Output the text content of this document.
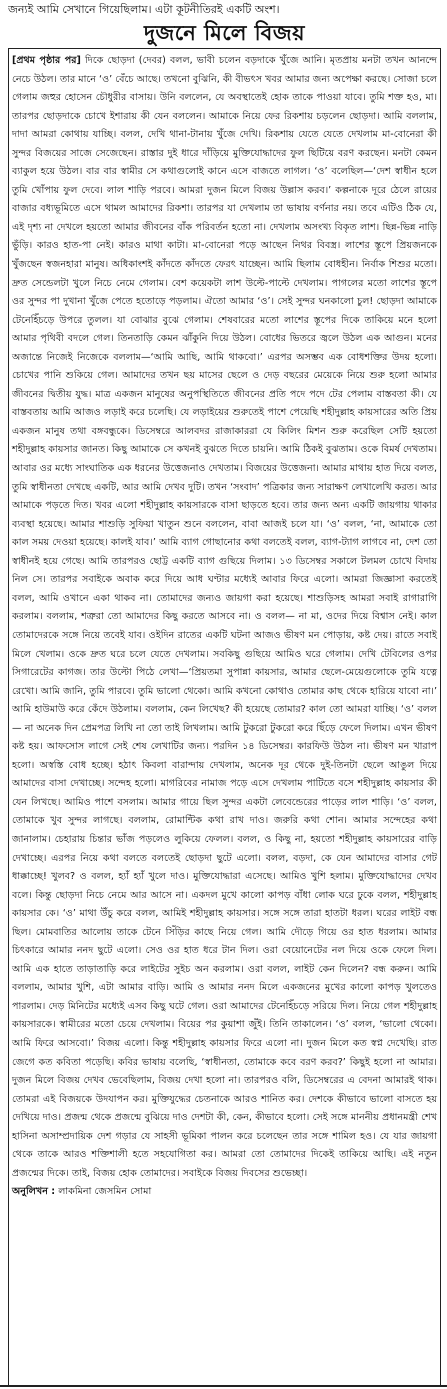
জন্যই আমি সেখানে গিয়েছিলাম। এটা কূটনীতিরই একটি অংশ।
দুজনে মিলে বিজয়

[প্রথম পৃষ্ঠার পর] দিকে ছোড়দা (দেবর) বলল, ভাবী চলেন বড়দাকে খুঁজে আনি। মৃতপ্রায় মনটা তখন আনন্দে নেচে উঠল। তার মানে ‘ও’ বেঁচে আছে। তখনো বুঝিনি, কী বীভৎস খবর আমার জন্য অপেক্ষা করছে। সোজা চলে গেলাম জহুর হোসেন চৌধুরীর বাসায়। উনি বললেন, যে অবস্থাতেই হোক তাকে পাওয়া যাবে। তুমি শক্ত হও, মা। তারপর ছোড়দাকে চোখে ইশারায় কী যেন বললেন। আমাকে নিয়ে ফের রিকশায় চড়লেন ছোড়দা। আমি বললাম, দাদা আমরা কোথায় যাচ্ছি। বলল, দেখি থানা-টানায় খুঁজে দেখি। রিকশায় যেতে যেতে দেখলাম মা-বোনেরা কী সুন্দর বিজয়ের সাজে সেজেছেন। রাস্তার দুই ধারে দাঁড়িয়ে মুক্তিযোদ্ধাদের ফুল ছিটিয়ে বরণ করছেন। মনটা কেমন ব্যাকুল হয়ে উঠল। বার বার স্বামীর সে কথাগুলোই কানে এসে বাজতে লাগল। ‘ও’ বলেছিল—‘দেশ স্বাধীন হলে তুমি খোঁপায় ফুল দেবে। লাল শাড়ি পরবে। আমরা দুজন মিলে বিজয় উল্লাস করব।’ কল্পনাকে দূরে ঠেলে রায়ের বাজার বধ্যভূমিতে এসে থামল আমাদের রিকশা। তারপর যা দেখলাম তা ভাষায় বর্ণনার নয়। তবে এটিও ঠিক যে, এই দৃশ্য না দেখলে হয়তো আমার জীবনের বাঁক পরিবর্তন হতো না। দেখলাম অসংখ্য বিকৃত লাশ। ছিন্ন-ভিন্ন নাড়ি ভুঁড়ি। কারও হাত-পা নেই। কারও মাথা কাটা। মা-বোনেরা পড়ে আছেন নিথর বিবস্ত্র। লাশের স্তূপে প্রিয়জনকে খুঁজছেন স্বজনহারা মানুষ। অধিকাংশই কাঁদতে কাঁদতে ফেরৎ যাচ্ছেন। আমি ছিলাম বোধহীন। নির্বাক শিশুর মতো। দ্রুত সেন্ডেলটা খুলে নিচে নেমে গেলাম। বেশ কয়েকটা লাশ উল্টে-পাল্টে দেখলাম। পাগলের মতো লাশের স্তূপে ওর সুন্দর পা দুখানা খুঁজে পেতে হতোড়ে পড়লাম। ঐতো আমার ‘ও’। সেই সুন্দর ঘনকালো চুল! ছোড়দা আমাকে টেনেহিঁচড়ে উপরে তুলল। যা বোঝার বুঝে গেলাম। শেষবারের মতো লাশের স্তূপের দিকে তাকিয়ে মনে হলো আমার পৃথিবী বদলে গেল। তিনতাড়ি কেমন ঝাঁকুনি দিয়ে উঠল। বোধের ভিতরে জ্বলে উঠল এক আগুন। মনের অজান্তে নিজেই নিজেকে বললাম—‘আমি আছি, আমি থাকবো।’ এরপর অসম্ভব এক বোধশক্তির উদয় হলো। চোখের পানি শুকিয়ে গেল। আমাদের তখন ছয় মাসের ছেলে ও দেড় বছরের মেয়েকে নিয়ে শুরু হলো আমার জীবনের দ্বিতীয় যুদ্ধ। মাত্র একজন মানুষের অনুপস্থিতিতে জীবনের প্রতি পদে পদে টের পেলাম বাস্তবতা কী। যে বাস্তবতায় আমি আজও লড়াই করে চলেছি। যে লড়াইয়ের শুরুতেই পাশে পেয়েছি শহীদুল্লাহ কায়সারের অতি প্রিয় একজন মানুষ তথা বঙ্গবন্ধুকে। ডিসেম্বরে আলবদর রাজাকাররা যে কিলিং মিশন শুরু করেছিল সেটি হয়তো শহীদুল্লাহ কায়সার জানত। কিছু আমাকে সে কখনই বুঝতে দিতে চায়নি। আমি ঠিকই বুঝতাম। ওকে বিমর্ষ দেখতাম। আবার ওর মধ্যে সাংঘাতিক এক ধরনের উত্তেজনাও দেখতাম। বিজয়ের উত্তেজনা। আমার মাথায় হাত দিয়ে বলত, তুমি স্বাধীনতা দেখছে একটি, আর আমি দেখব দুটি। তখন ‘সংবাদ’ পত্রিকার জন্য সারাক্ষণ লেখালেখি করত। আর আমাকে পড়তে দিত। খবর এলো শহীদুল্লাহ কায়সারকে বাসা ছাড়তে হবে। তার জন্য অন্য একটি জায়গায় থাকার ব্যবস্থা হয়েছে। আমার শাশুড়ি সুফিয়া খাতুন শুনে বললেন, বাবা আজই চলে যা। ‘ও’ বলল, ‘না, আমাকে তো কাল সময় দেওয়া হয়েছে। কালই যাব।’ আমি ব্যাগ গোছানোর কথা বলতেই বলল, ব্যাগ-ট্যাগ লাগবে না, দেশ তো স্বাধীনই হয়ে গেছে। আমি তারপরও ছোট্ট একটি ব্যাগ গুছিয়ে দিলাম। ১৩ ডিসেম্বর সকালে টলমল চোখে বিদায় নিল সে। তারপর সবাইকে অবাক করে দিয়ে আধ ঘণ্টার মধ্যেই আবার ফিরে এলো। আমরা জিজ্ঞাসা করতেই বলল, আমি ওখানে একা থাকব না। তোমাদের জন্যও জায়গা করা হয়েছে। শাশুড়িসহ আমরা সবাই রাগারাগি করলাম। বললাম, শত্রুরা তো আমাদের কিছু করতে আসবে না। ও বলল— না মা, ওদের দিয়ে বিশ্বাস নেই। কাল তোমাদেরকে সঙ্গে নিয়ে তবেই যাব। ওইদিন রাতের একটি ঘটনা আজও ভীষণ মন পোড়ায়, কষ্ট দেয়। রাতে সবাই মিলে খেলাম। ওকে দ্রুত ঘরে চলে যেতে দেখলাম। সবকিছু গুছিয়ে আমিও ঘরে গেলাম। দেখি টেবিলের ওপর সিগারেটের কাগজ। তার উল্টো পিঠে লেখা—‘প্রিয়তমা সুপান্না কায়সার, আমার ছেলে-মেয়েগুলোকে তুমি যত্নে রেখো। আমি জানি, তুমি পারবে। তুমি ভালো থেকো। আমি কখনো কোথাও তোমার কাছ থেকে হারিয়ে যাবো না।’ আমি হাউমাউ করে কেঁদে উঠলাম। বললাম, কেন লিখেছ? কী হয়েছে তোমার? কাল তো আমরা যাচ্ছি। ‘ও’ বলল— না অনেক দিন প্রেমপত্র লিখি না তো তাই লিখলাম। আমি টুকরো টুকরো করে ছিঁড়ে ফেলে দিলাম। এখন ভীষণ কষ্ট হয়। আফসোস লাগে সেই শেষ লেখাটির জন্য। পরদিন ১৪ ডিসেম্বর। কারফিউ উঠল না। ভীষণ মন খারাপ হলো। অস্বস্তি বোধ হচ্ছে। হঠাৎ কিবলা বারান্দায় দেখলাম, অনেক দূর থেকে দুই-তিনটা ছেলে আঙুল দিয়ে আমাদের বাসা দেখাচ্ছে। সন্দেহ হলো। মাগরিবের নামাজ পড়ে এসে দেখলাম পাটিতে বসে শহীদুল্লাহ কায়সার কী যেন লিখছে। আমিও পাশে বসলাম। আমার গায়ে ছিল সুন্দর একটা লেবেন্ডেরের পাড়ের লাল শাড়ি। ‘ও’ বলল, তোমাকে খুব সুন্দর লাগছে। বললাম, রোমান্টিক কথা রাখ দাও। জরুরি কথা শোন। আমার সন্দেহের কথা জানালাম। চেহারায় চিন্তার ভাঁজ পড়লেও লুকিয়ে ফেলল। বলল, ও কিছু না, হয়তো শহীদুল্লাহ কায়সারের বাড়ি দেখাচ্ছে। এরপর নিয়ে কথা বলতে বলতেই ছোড়দা ছুটে এলো। বলল, বড়দা, কে যেন আমাদের বাসার গেট ধাক্কাচ্ছে! খুলব? ও বলল, হ্যাঁ হ্যাঁ খুলে দাও। মুক্তিযোদ্ধারা এসেছে। আমিও খুশি হলাম। মুক্তিযোদ্ধাদের দেখব বলে। কিন্তু ছোড়দা নিচে নেমে আর আসে না। একদল মুখে কালো কাপড় বাঁধা লোক ঘরে ঢুকে বলল, শহীদুল্লাহ কায়সার কে। ‘ও’ মাথা উঁচু করে বলল, আমিই শহীদুল্লাহ কায়সার। সঙ্গে সঙ্গে তারা হাতটা ধরল। ঘরের লাইট বন্ধ ছিল। মোমবাতির আলোয় তাকে টেনে সিঁড়ির কাছে নিয়ে গেল। আমি দৌড়ে গিয়ে ওর হাত ধরলাম। আমার চিৎকারে আমার ননদ ছুটে এলো। সেও ওর হাত ধরে টান দিল। ওরা বেয়োনেটের নল দিয়ে ওকে ফেলে দিল। আমি এক হাতে তাড়াতাড়ি করে লাইটের সুইচ অন করলাম। ওরা বলল, লাইট কেন দিলেন? বন্ধ করুন। আমি বললাম, আমার খুশি, এটা আমার বাড়ি। আমি ও আমার ননদ মিলে একজনের মুখের কালো কাপড় খুলতেও পারলাম। দেড় মিনিটের মধ্যেই এসব কিছু ঘটে গেল। ওরা আমাদের টেনেহিঁচড়ে সরিয়ে দিল। নিয়ে গেল শহীদুল্লাহ কায়সারকে। স্বামীরের মতো চেয়ে দেখলাম। বিয়ের পর কুয়াশা জুঁই। তিনি তাকালেন। ‘ও’ বলল, ‘ভালো থেকো। আমি ফিরে আসবো।’ বিজয় এলো। কিন্তু শহীদুল্লাহ কায়সার ফিরে এলো না। দুজন মিলে কত স্বপ্ন দেখেছি। রাত জেগে কত কবিতা পড়েছি। কবির ভাষায় বলেছি, ‘স্বাধীনতা, তোমাকে কবে বরণ করব?’ কিছুই হলো না আমার। দুজন মিলে বিজয় দেখব ভেবেছিলাম, বিজয় দেখা হলো না। তারপরও বলি, ডিসেম্বরের এ বেদনা আমারই থাক। তোমরা এই বিজয়কে উদযাপন কর। মুক্তিযুদ্ধের চেতনাকে আরও শানিত কর। দেশকে কীভাবে ভালো বাসতে হয় দেখিয়ে দাও। প্রজন্ম থেকে প্রজন্মে বুঝিয়ে দাও দেশটা কী, কেন, কীভাবে হলো। সেই সঙ্গে মাননীয় প্রধানমন্ত্রী শেখ হাসিনা অসাম্প্রদায়িক দেশ গড়ার যে সাহসী ভূমিকা পালন করে চলেছেন তার সঙ্গে শামিল হও। যে যার জায়গা থেকে তাকে আরও শক্তিশালী হতে সহযোগিতা কর। আমরা তো তোমাদের দিকেই তাকিয়ে আছি। এই নতুন প্রজন্মের দিকে। তাই, বিজয় হোক তোমাদের। সবাইকে বিজয় দিবসের শুভেচ্ছা।

অনুলিখন : লাকমিনা জেসমিন সোমা
